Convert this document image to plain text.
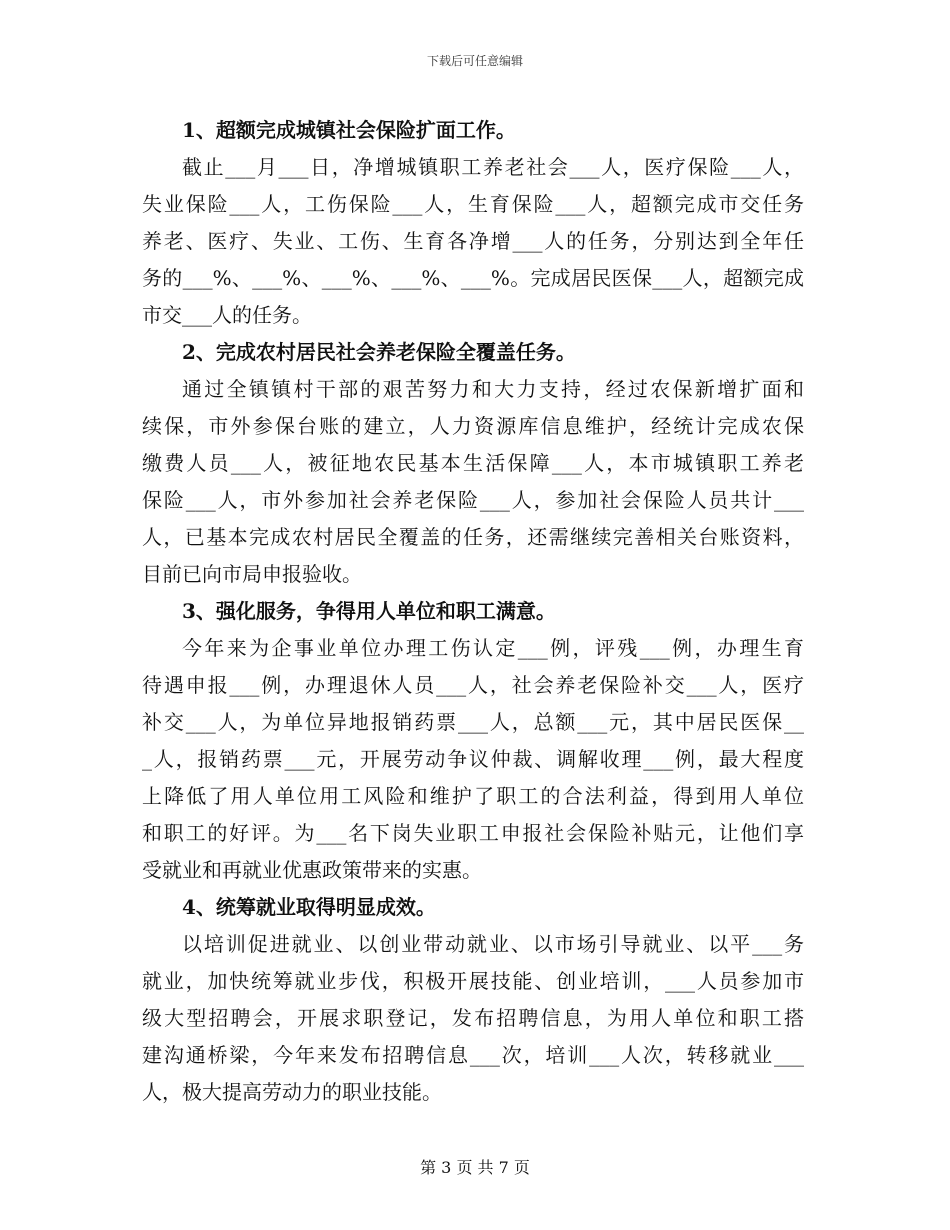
下载后可任意编辑
1、超额完成城镇社会保险扩面工作。
截止___月___日，净增城镇职工养老社会___人，医疗保险___人，
失业保险___人，工伤保险___人，生育保险___人，超额完成市交任务
养老、医疗、失业、工伤、生育各净增___人的任务，分别达到全年任
务的___%、___%、___%、___%、___%。完成居民医保___人，超额完成
市交___人的任务。
2、完成农村居民社会养老保险全覆盖任务。
通过全镇镇村干部的艰苦努力和大力支持，经过农保新增扩面和
续保，市外参保台账的建立，人力资源库信息维护，经统计完成农保
缴费人员___人，被征地农民基本生活保障___人，本市城镇职工养老
保险___人，市外参加社会养老保险___人，参加社会保险人员共计___
人，已基本完成农村居民全覆盖的任务，还需继续完善相关台账资料，
目前已向市局申报验收。
3、强化服务，争得用人单位和职工满意。
今年来为企事业单位办理工伤认定___例，评残___例，办理生育
待遇申报___例，办理退休人员___人，社会养老保险补交___人，医疗
补交___人，为单位异地报销药票___人，总额___元，其中居民医保__
_人，报销药票___元，开展劳动争议仲裁、调解收理___例，最大程度
上降低了用人单位用工风险和维护了职工的合法利益，得到用人单位
和职工的好评。为___名下岗失业职工申报社会保险补贴元，让他们享
受就业和再就业优惠政策带来的实惠。
4、统筹就业取得明显成效。
以培训促进就业、以创业带动就业、以市场引导就业、以平___务
就业，加快统筹就业步伐，积极开展技能、创业培训，___人员参加市
级大型招聘会，开展求职登记，发布招聘信息，为用人单位和职工搭
建沟通桥梁，今年来发布招聘信息___次，培训___人次，转移就业___
人，极大提高劳动力的职业技能。
第 3 页 共 7 页
